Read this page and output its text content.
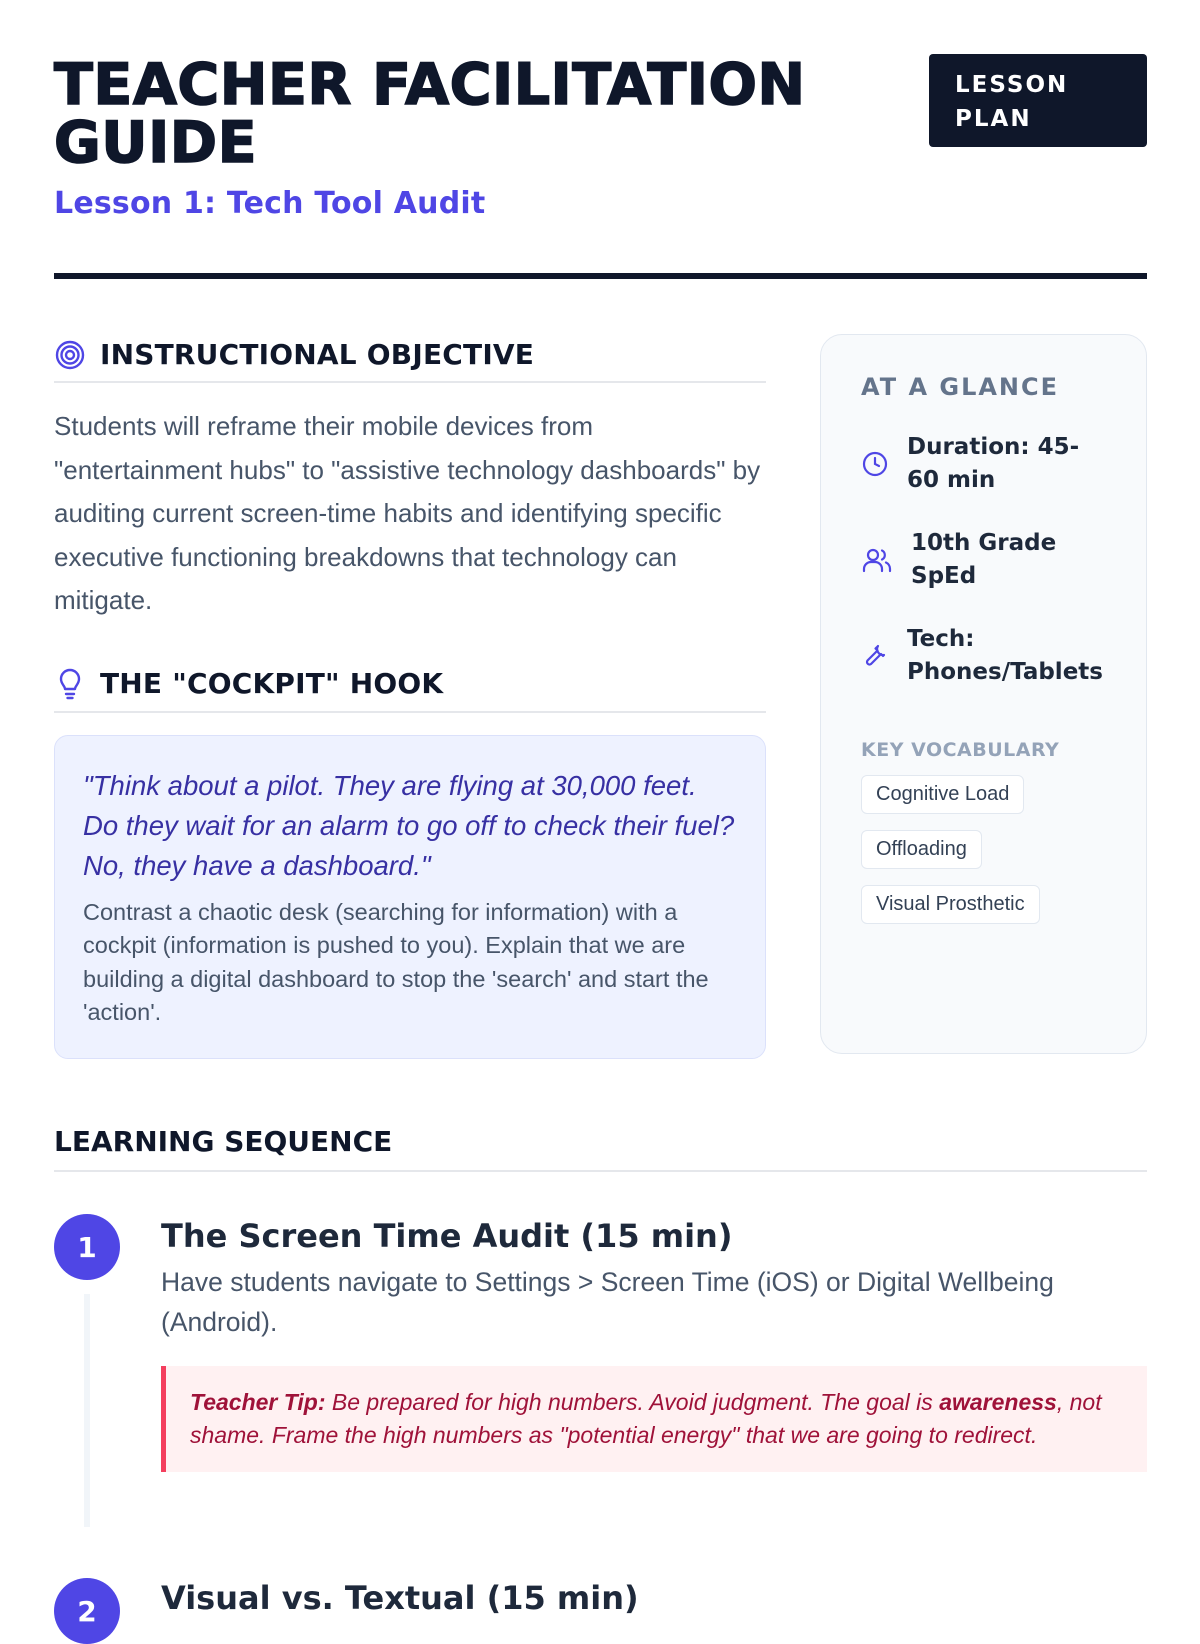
TEACHER FACILITATION GUIDE
Lesson 1: Tech Tool Audit
LESSON PLAN
INSTRUCTIONAL OBJECTIVE

Students will reframe their mobile devices from "entertainment hubs" to "assistive technology dashboards" by auditing current screen-time habits and identifying specific executive functioning breakdowns that technology can mitigate.

THE "COCKPIT" HOOK

"Think about a pilot. They are flying at 30,000 feet. Do they wait for an alarm to go off to check their fuel? No, they have a dashboard."

Contrast a chaotic desk (searching for information) with a cockpit (information is pushed to you). Explain that we are building a digital dashboard to stop the 'search' and start the 'action'.

AT A GLANCE
Duration: 45-60 min
10th Grade SpEd
Tech: Phones/Tablets
KEY VOCABULARY
Cognitive Load
Offloading
Visual Prosthetic
LEARNING SEQUENCE
1	The Screen Time Audit (15 min)
Have students navigate to Settings > Screen Time (iOS) or Digital Wellbeing (Android).
Teacher Tip: Be prepared for high numbers. Avoid judgment. The goal is awareness, not shame. Frame the high numbers as "potential energy" that we are going to redirect.
2	Visual vs. Textual (15 min)
